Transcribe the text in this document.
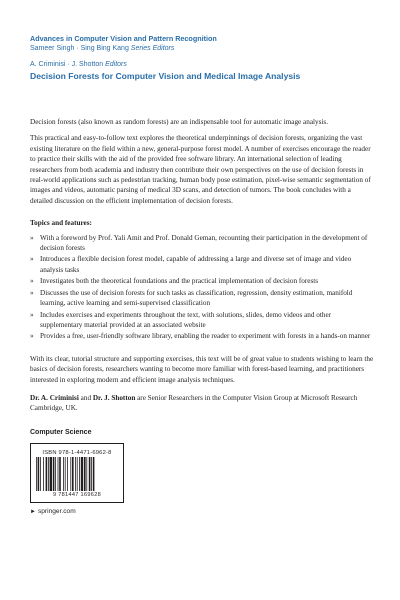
Advances in Computer Vision and Pattern Recognition
Sameer Singh · Sing Bing Kang Series Editors
A. Criminisi · J. Shotton Editors
Decision Forests for Computer Vision and Medical Image Analysis

Decision forests (also known as random forests) are an indispensable tool for automatic image analysis.

This practical and easy-to-follow text explores the theoretical underpinnings of decision forests, organizing the vast existing literature on the field within a new, general-purpose forest model. A number of exercises encourage the reader to practice their skills with the aid of the provided free software library. An international selection of leading researchers from both academia and industry then contribute their own perspectives on the use of decision forests in real-world applications such as pedestrian tracking, human body pose estimation, pixel-wise semantic segmentation of images and videos, automatic parsing of medical 3D scans, and detection of tumors. The book concludes with a detailed discussion on the efficient implementation of decision forests.

Topics and features:
» With a foreword by Prof. Yali Amit and Prof. Donald Geman, recounting their participation in the development of decision forests
» Introduces a flexible decision forest model, capable of addressing a large and diverse set of image and video analysis tasks
» Investigates both the theoretical foundations and the practical implementation of decision forests
» Discusses the use of decision forests for such tasks as classification, regression, density estimation, manifold learning, active learning and semi-supervised classification
» Includes exercises and experiments throughout the text, with solutions, slides, demo videos and other supplementary material provided at an associated website
» Provides a free, user-friendly software library, enabling the reader to experiment with forests in a hands-on manner

With its clear, tutorial structure and supporting exercises, this text will be of great value to students wishing to learn the basics of decision forests, researchers wanting to become more familiar with forest-based learning, and practitioners interested in exploring modern and efficient image analysis techniques.

Dr. A. Criminisi and Dr. J. Shotton are Senior Researchers in the Computer Vision Group at Microsoft Research Cambridge, UK.

Computer Science
ISBN 978-1-4471-6962-8
9 781447 169628
► springer.com
